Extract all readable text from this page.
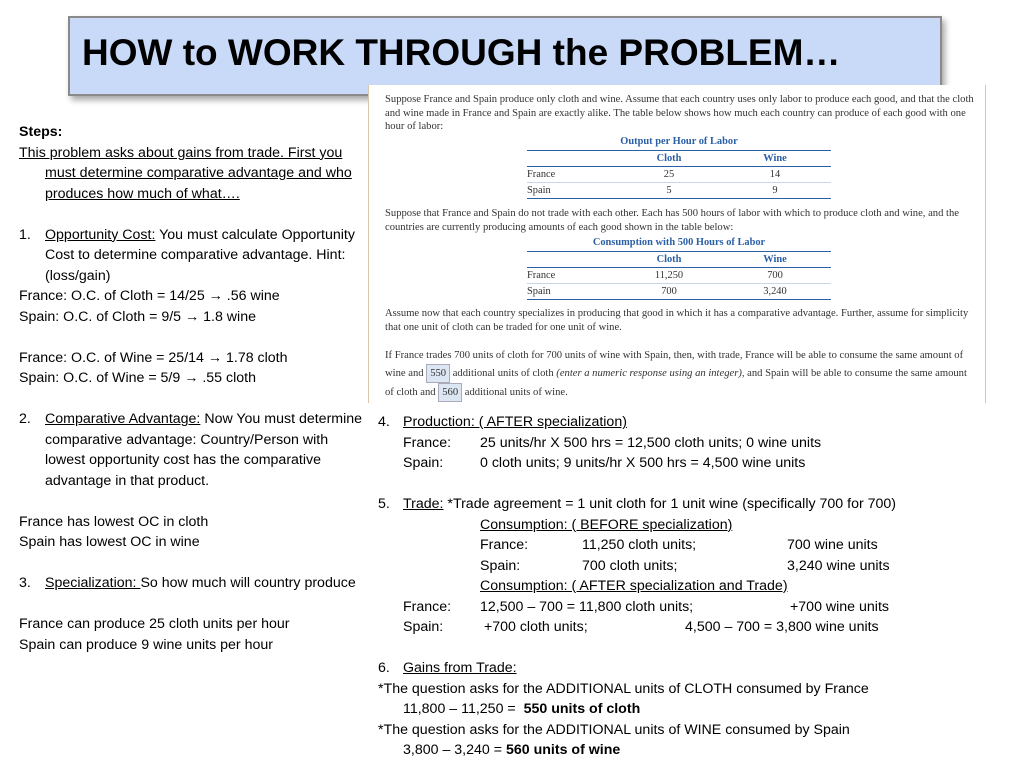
HOW to WORK THROUGH the PROBLEM…

Steps:

This problem asks about gains from trade. First you must determine comparative advantage and who produces how much of what….

1. Opportunity Cost: You must calculate Opportunity Cost to determine comparative advantage. Hint: (loss/gain)

France: O.C. of Cloth = 14/25 → .56 wine

Spain: O.C. of Cloth = 9/5 → 1.8 wine

France: O.C. of Wine = 25/14 → 1.78 cloth

Spain: O.C. of Wine = 5/9 → .55 cloth

2. Comparative Advantage: Now You must determine comparative advantage: Country/Person with lowest opportunity cost has the comparative advantage in that product.

France has lowest OC in cloth

Spain has lowest OC in wine

3. Specialization: So how much will country produce

France can produce 25 cloth units per hour

Spain can produce 9 wine units per hour

Suppose France and Spain produce only cloth and wine. Assume that each country uses only labor to produce each good, and that the cloth and wine made in France and Spain are exactly alike. The table below shows how much each country can produce of each good with one hour of labor:

Output per Hour of Labor
Cloth	Wine
France	25	14
Spain	5	9

Suppose that France and Spain do not trade with each other. Each has 500 hours of labor with which to produce cloth and wine, and the countries are currently producing amounts of each good shown in the table below:

Consumption with 500 Hours of Labor
Cloth	Wine
France	11,250	700
Spain	700	3,240

Assume now that each country specializes in producing that good in which it has a comparative advantage. Further, assume for simplicity that one unit of cloth can be traded for one unit of wine.

If France trades 700 units of cloth for 700 units of wine with Spain, then, with trade, France will be able to consume the same amount of wine and 550 additional units of cloth (enter a numeric response using an integer), and Spain will be able to consume the same amount of cloth and 560 additional units of wine.

4. Production: ( AFTER specialization)
France:	25 units/hr X 500 hrs = 12,500 cloth units; 0 wine units
Spain:	0 cloth units; 9 units/hr X 500 hrs = 4,500 wine units
5. Trade: *Trade agreement = 1 unit cloth for 1 unit wine (specifically 700 for 700)
Consumption: ( BEFORE specialization)
France:	11,250 cloth units;	700 wine units
Spain:	700 cloth units;	3,240 wine units
Consumption: ( AFTER specialization and Trade)
France:	12,500 – 700 = 11,800 cloth units;	+700 wine units
Spain:	+700 cloth units;	4,500 – 700 = 3,800 wine units
6. Gains from Trade:
*The question asks for the ADDITIONAL units of CLOTH consumed by France
11,800 – 11,250 = 550 units of cloth
*The question asks for the ADDITIONAL units of WINE consumed by Spain
3,800 – 3,240 = 560 units of wine
